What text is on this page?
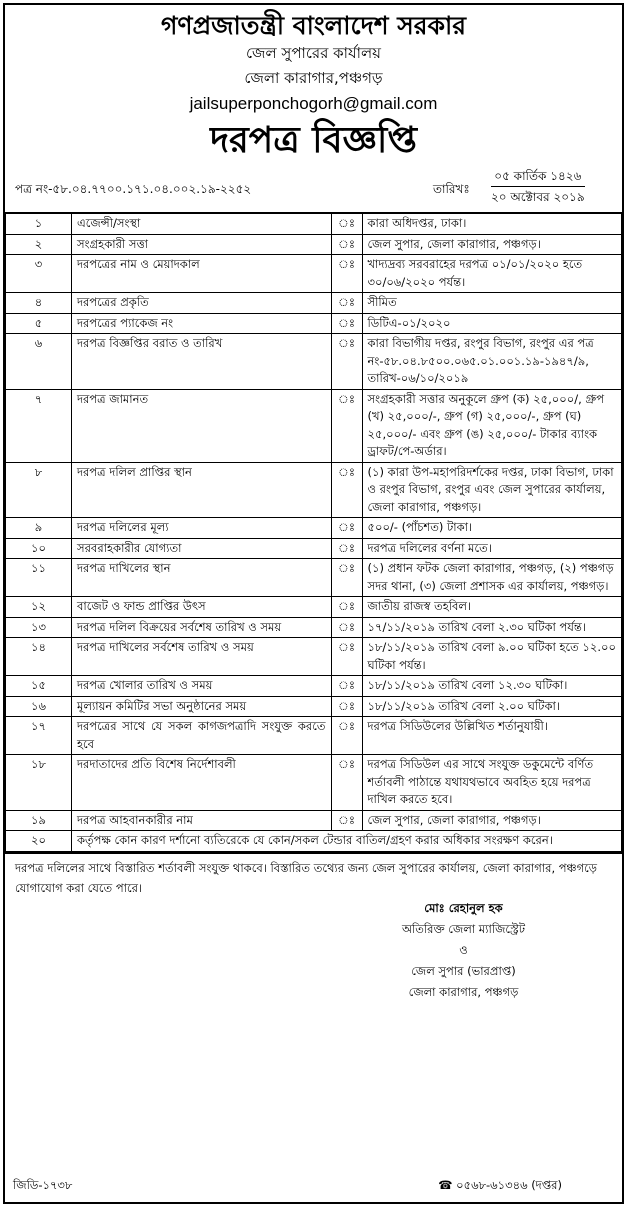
গণপ্রজাতন্ত্রী বাংলাদেশ সরকার
জেল সুপারের কার্যালয়
জেলা কারাগার,পঞ্চগড়
jailsuperponchogorh@gmail.com
দরপত্র বিজ্ঞপ্তি
পত্র নং-৫৮.০৪.৭৭০০.১৭১.০৪.০০২.১৯-২২৫২	তারিখঃ
০৫ কার্তিক ১৪২৬
২০ অক্টোবর ২০১৯
১	এজেন্সী/সংস্থা	ঃ	কারা অধিদপ্তর, ঢাকা।
২	সংগ্রহকারী সত্তা	ঃ	জেল সুপার, জেলা কারাগার, পঞ্চগড়।
৩	দরপত্রের নাম ও মেয়াদকাল	ঃ	খাদ্যদ্রব্য সরবরাহের দরপত্র ০১/০১/২০২০ হতে ৩০/০৬/২০২০ পর্যন্ত।
৪	দরপত্রের প্রকৃতি	ঃ	সীমিত
৫	দরপত্রের প্যাকেজ নং	ঃ	ডিটিএ-০১/২০২০
৬	দরপত্র বিজ্ঞপ্তির বরাত ও তারিখ	ঃ	কারা বিভাগীয় দপ্তর, রংপুর বিভাগ, রংপুর এর পত্র নং-৫৮.০৪.৮৫০০.০৬৫.০১.০০১.১৯-১৯৪৭/৯, তারিখ-০৬/১০/২০১৯
৭	দরপত্র জামানত	ঃ	সংগ্রহকারী সত্তার অনুকূলে গ্রুপ (ক) ২৫,০০০/, গ্রুপ (খ) ২৫,০০০/-, গ্রুপ (গ) ২৫,০০০/-, গ্রুপ (ঘ) ২৫,০০০/- এবং গ্রুপ (ঙ) ২৫,০০০/- টাকার ব্যাংক ড্রাফট/পে-অর্ডার।
৮	দরপত্র দলিল প্রাপ্তির স্থান	ঃ	(১) কারা উপ-মহাপরিদর্শকের দপ্তর, ঢাকা বিভাগ, ঢাকা ও রংপুর বিভাগ, রংপুর এবং জেল সুপারের কার্যালয়, জেলা কারাগার, পঞ্চগড়।
৯	দরপত্র দলিলের মূল্য	ঃ	৫০০/- (পাঁচশত) টাকা।
১০	সরবরাহকারীর যোগ্যতা	ঃ	দরপত্র দলিলের বর্ণনা মতে।
১১	দরপত্র দাখিলের স্থান	ঃ	(১) প্রধান ফটক জেলা কারাগার, পঞ্চগড়, (২) পঞ্চগড় সদর থানা, (৩) জেলা প্রশাসক এর কার্যালয়, পঞ্চগড়।
১২	বাজেট ও ফান্ড প্রাপ্তির উৎস	ঃ	জাতীয় রাজস্ব তহবিল।
১৩	দরপত্র দলিল বিক্রয়ের সর্বশেষ তারিখ ও সময়	ঃ	১৭/১১/২০১৯ তারিখ বেলা ২.৩০ ঘটিকা পর্যন্ত।
১৪	দরপত্র দাখিলের সর্বশেষ তারিখ ও সময়	ঃ	১৮/১১/২০১৯ তারিখ বেলা ৯.০০ ঘটিকা হতে ১২.০০ ঘটিকা পর্যন্ত।
১৫	দরপত্র খোলার তারিখ ও সময়	ঃ	১৮/১১/২০১৯ তারিখ বেলা ১২.৩০ ঘটিকা।
১৬	মূল্যায়ন কমিটির সভা অনুষ্ঠানের সময়	ঃ	১৮/১১/২০১৯ তারিখ বেলা ২.০০ ঘটিকা।
১৭	দরপত্রের সাথে যে সকল কাগজপত্রাদি সংযুক্ত করতে হবে	ঃ	দরপত্র সিডিউলের উল্লিখিত শর্তানুযায়ী।
১৮	দরদাতাদের প্রতি বিশেষ নির্দেশাবলী	ঃ	দরপত্র সিডিউল এর সাথে সংযুক্ত ডকুমেন্টে বর্ণিত শর্তাবলী পাঠান্তে যথাযথভাবে অবহিত হয়ে দরপত্র দাখিল করতে হবে।
১৯	দরপত্র আহবানকারীর নাম	ঃ	জেল সুপার, জেলা কারাগার, পঞ্চগড়।
২০	কর্তৃপক্ষ কোন কারণ দর্শানো ব্যতিরেকে যে কোন/সকল টেন্ডার বাতিল/গ্রহণ করার অধিকার সংরক্ষণ করেন।		
দরপত্র দলিলের সাথে বিস্তারিত শর্তাবলী সংযুক্ত থাকবে। বিস্তারিত তথ্যের জন্য জেল সুপারের কার্যালয়, জেলা কারাগার, পঞ্চগড়ে যোগাযোগ করা যেতে পারে।
মোঃ রেহানুল হক
অতিরিক্ত জেলা ম্যাজিস্ট্রেট
ও
জেল সুপার (ভারপ্রাপ্ত)
জেলা কারাগার, পঞ্চগড়
জিডি-১৭৩৮	☎ ০৫৬৮-৬১৩৪৬ (দপ্তর)
